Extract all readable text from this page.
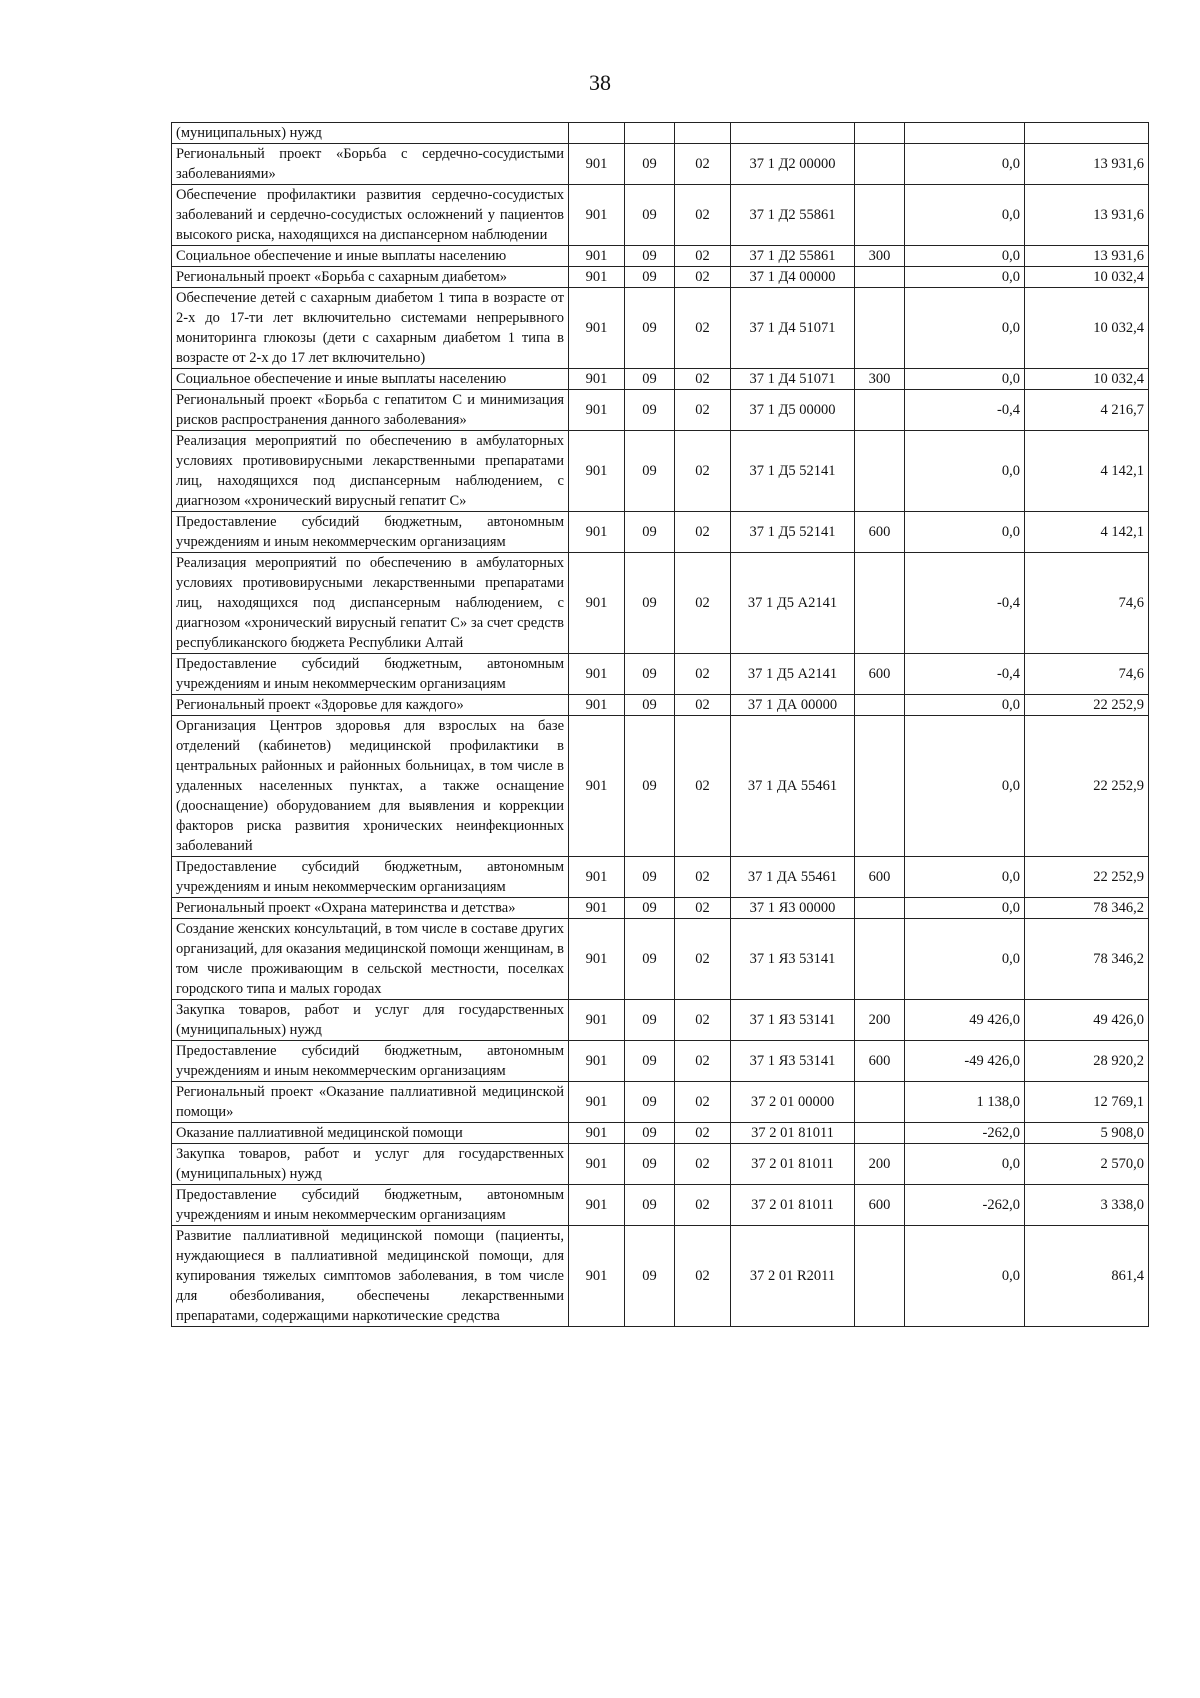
38
(муниципальных) нужд							
Региональный проект «Борьба с сердечно-сосудистыми заболеваниями»	901	09	02	37 1 Д2 00000		0,0	13 931,6
Обеспечение профилактики развития сердечно-сосудистых заболеваний и сердечно-сосудистых осложнений у пациентов высокого риска, находящихся на диспансерном наблюдении	901	09	02	37 1 Д2 55861		0,0	13 931,6
Социальное обеспечение и иные выплаты населению	901	09	02	37 1 Д2 55861	300	0,0	13 931,6
Региональный проект «Борьба с сахарным диабетом»	901	09	02	37 1 Д4 00000		0,0	10 032,4
Обеспечение детей с сахарным диабетом 1 типа в возрасте от 2-х до 17-ти лет включительно системами непрерывного мониторинга глюкозы (дети с сахарным диабетом 1 типа в возрасте от 2-х до 17 лет включительно)	901	09	02	37 1 Д4 51071		0,0	10 032,4
Социальное обеспечение и иные выплаты населению	901	09	02	37 1 Д4 51071	300	0,0	10 032,4
Региональный проект «Борьба с гепатитом С и минимизация рисков распространения данного заболевания»	901	09	02	37 1 Д5 00000		-0,4	4 216,7
Реализация мероприятий по обеспечению в амбулаторных условиях противовирусными лекарственными препаратами лиц, находящихся под диспансерным наблюдением, с диагнозом «хронический вирусный гепатит С»	901	09	02	37 1 Д5 52141		0,0	4 142,1
Предоставление субсидий бюджетным, автономным учреждениям и иным некоммерческим организациям	901	09	02	37 1 Д5 52141	600	0,0	4 142,1
Реализация мероприятий по обеспечению в амбулаторных условиях противовирусными лекарственными препаратами лиц, находящихся под диспансерным наблюдением, с диагнозом «хронический вирусный гепатит С» за счет средств республиканского бюджета Республики Алтай	901	09	02	37 1 Д5 А2141		-0,4	74,6
Предоставление субсидий бюджетным, автономным учреждениям и иным некоммерческим организациям	901	09	02	37 1 Д5 А2141	600	-0,4	74,6
Региональный проект «Здоровье для каждого»	901	09	02	37 1 ДА 00000		0,0	22 252,9
Организация Центров здоровья для взрослых на базе отделений (кабинетов) медицинской профилактики в центральных районных и районных больницах, в том числе в удаленных населенных пунктах, а также оснащение (дооснащение) оборудованием для выявления и коррекции факторов риска развития хронических неинфекционных заболеваний	901	09	02	37 1 ДА 55461		0,0	22 252,9
Предоставление субсидий бюджетным, автономным учреждениям и иным некоммерческим организациям	901	09	02	37 1 ДА 55461	600	0,0	22 252,9
Региональный проект «Охрана материнства и детства»	901	09	02	37 1 Я3 00000		0,0	78 346,2
Создание женских консультаций, в том числе в составе других организаций, для оказания медицинской помощи женщинам, в том числе проживающим в сельской местности, поселках городского типа и малых городах	901	09	02	37 1 Я3 53141		0,0	78 346,2
Закупка товаров, работ и услуг для государственных (муниципальных) нужд	901	09	02	37 1 Я3 53141	200	49 426,0	49 426,0
Предоставление субсидий бюджетным, автономным учреждениям и иным некоммерческим организациям	901	09	02	37 1 Я3 53141	600	-49 426,0	28 920,2
Региональный проект «Оказание паллиативной медицинской помощи»	901	09	02	37 2 01 00000		1 138,0	12 769,1
Оказание паллиативной медицинской помощи	901	09	02	37 2 01 81011		-262,0	5 908,0
Закупка товаров, работ и услуг для государственных (муниципальных) нужд	901	09	02	37 2 01 81011	200	0,0	2 570,0
Предоставление субсидий бюджетным, автономным учреждениям и иным некоммерческим организациям	901	09	02	37 2 01 81011	600	-262,0	3 338,0
Развитие паллиативной медицинской помощи (пациенты, нуждающиеся в паллиативной медицинской помощи, для купирования тяжелых симптомов заболевания, в том числе для обезболивания, обеспечены лекарственными препаратами, содержащими наркотические средства	901	09	02	37 2 01 R2011		0,0	861,4
